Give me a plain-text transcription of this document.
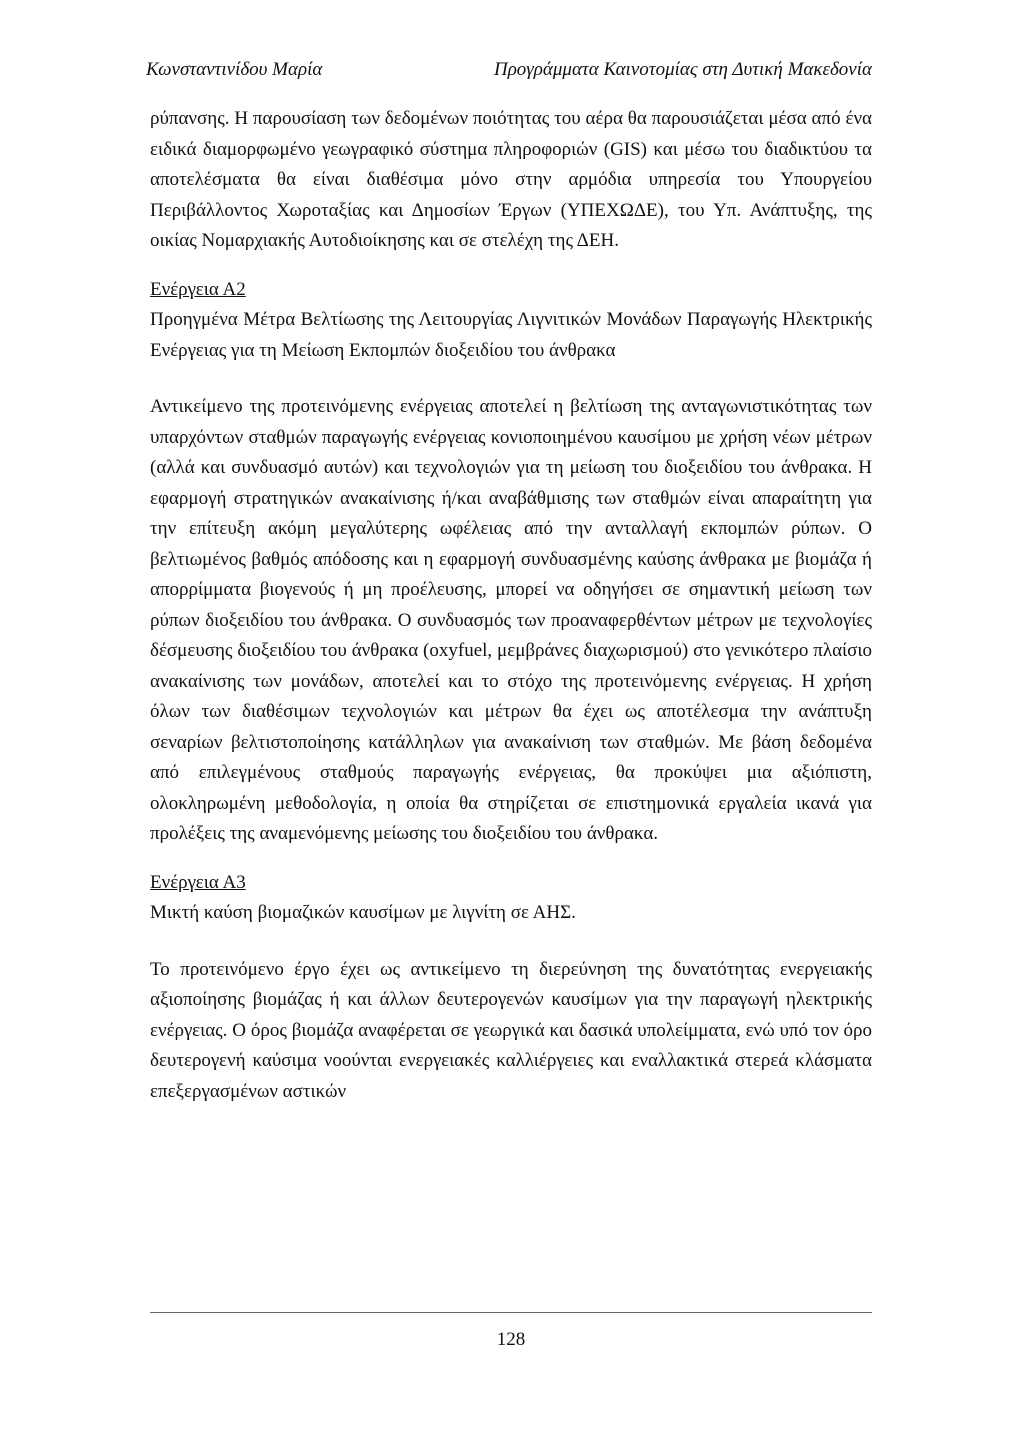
Κωνσταντινίδου Μαρία	Προγράμματα Καινοτομίας στη Δυτική Μακεδονία

ρύπανσης. Η παρουσίαση των δεδομένων ποιότητας του αέρα θα παρουσιάζεται μέσα από ένα ειδικά διαμορφωμένο γεωγραφικό σύστημα πληροφοριών (GIS) και μέσω του διαδικτύου τα αποτελέσματα θα είναι διαθέσιμα μόνο στην αρμόδια υπηρεσία του Υπουργείου Περιβάλλοντος Χωροταξίας και Δημοσίων Έργων (ΥΠΕΧΩΔΕ), του Υπ. Ανάπτυξης, της οικίας Νομαρχιακής Αυτοδιοίκησης και σε στελέχη της ΔΕΗ.

Ενέργεια Α2

Προηγμένα Μέτρα Βελτίωσης της Λειτουργίας Λιγνιτικών Μονάδων Παραγωγής Ηλεκτρικής Ενέργειας για τη Μείωση Εκπομπών διοξειδίου του άνθρακα

Αντικείμενο της προτεινόμενης ενέργειας αποτελεί η βελτίωση της ανταγωνιστικότητας των υπαρχόντων σταθμών παραγωγής ενέργειας κονιοποιημένου καυσίμου με χρήση νέων μέτρων (αλλά και συνδυασμό αυτών) και τεχνολογιών για τη μείωση του διοξειδίου του άνθρακα. Η εφαρμογή στρατηγικών ανακαίνισης ή/και αναβάθμισης των σταθμών είναι απαραίτητη για την επίτευξη ακόμη μεγαλύτερης ωφέλειας από την ανταλλαγή εκπομπών ρύπων. Ο βελτιωμένος βαθμός απόδοσης και η εφαρμογή συνδυασμένης καύσης άνθρακα με βιομάζα ή απορρίμματα βιογενούς ή μη προέλευσης, μπορεί να οδηγήσει σε σημαντική μείωση των ρύπων διοξειδίου του άνθρακα. Ο συνδυασμός των προαναφερθέντων μέτρων με τεχνολογίες δέσμευσης διοξειδίου του άνθρακα (oxyfuel, μεμβράνες διαχωρισμού) στο γενικότερο πλαίσιο ανακαίνισης των μονάδων, αποτελεί και το στόχο της προτεινόμενης ενέργειας. Η χρήση όλων των διαθέσιμων τεχνολογιών και μέτρων θα έχει ως αποτέλεσμα την ανάπτυξη σεναρίων βελτιστοποίησης κατάλληλων για ανακαίνιση των σταθμών. Με βάση δεδομένα από επιλεγμένους σταθμούς παραγωγής ενέργειας, θα προκύψει μια αξιόπιστη, ολοκληρωμένη μεθοδολογία, η οποία θα στηρίζεται σε επιστημονικά εργαλεία ικανά για προλέξεις της αναμενόμενης μείωσης του διοξειδίου του άνθρακα.

Ενέργεια Α3

Μικτή καύση βιομαζικών καυσίμων με λιγνίτη σε ΑΗΣ.

Το προτεινόμενο έργο έχει ως αντικείμενο τη διερεύνηση της δυνατότητας ενεργειακής αξιοποίησης βιομάζας ή και άλλων δευτερογενών καυσίμων για την παραγωγή ηλεκτρικής ενέργειας. Ο όρος βιομάζα αναφέρεται σε γεωργικά και δασικά υπολείμματα, ενώ υπό τον όρο δευτερογενή καύσιμα νοούνται ενεργειακές καλλιέργειες και εναλλακτικά στερεά κλάσματα επεξεργασμένων αστικών

128
